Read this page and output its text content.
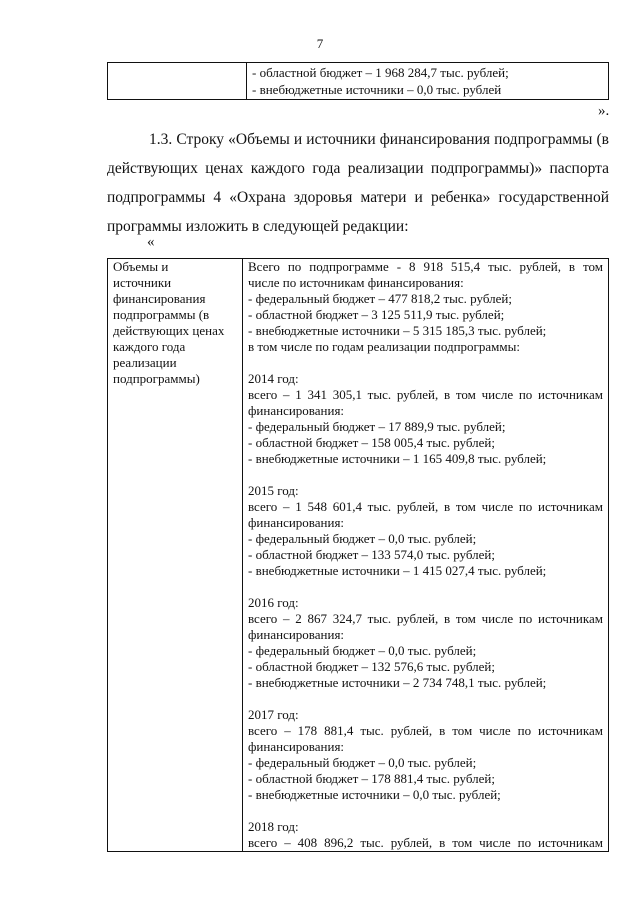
7

- областной бюджет – 1 968 284,7 тыс. рублей;
- внебюджетные источники – 0,0 тыс. рублей
».
1.3. Строку «Объемы и источники финансирования подпрограммы (в действующих ценах каждого года реализации подпрограммы)» паспорта подпрограммы 4 «Охрана здоровья матери и ребенка» государственной программы изложить в следующей редакции:
«
Объемы и
источники
финансирования
подпрограммы (в
действующих ценах
каждого года
реализации
подпрограммы)

Всего по подпрограмме - 8 918 515,4 тыс. рублей, в том
числе по источникам финансирования:
- федеральный бюджет – 477 818,2 тыс. рублей;
- областной бюджет – 3 125 511,9 тыс. рублей;
- внебюджетные источники – 5 315 185,3 тыс. рублей;
в том числе по годам реализации подпрограммы:
2014 год:
всего – 1 341 305,1 тыс. рублей, в том числе по источникам
финансирования:
- федеральный бюджет – 17 889,9 тыс. рублей;
- областной бюджет – 158 005,4 тыс. рублей;
- внебюджетные источники – 1 165 409,8 тыс. рублей;
2015 год:
всего – 1 548 601,4 тыс. рублей, в том числе по источникам
финансирования:
- федеральный бюджет – 0,0 тыс. рублей;
- областной бюджет – 133 574,0 тыс. рублей;
- внебюджетные источники – 1 415 027,4 тыс. рублей;
2016 год:
всего – 2 867 324,7 тыс. рублей, в том числе по источникам
финансирования:
- федеральный бюджет – 0,0 тыс. рублей;
- областной бюджет – 132 576,6 тыс. рублей;
- внебюджетные источники – 2 734 748,1 тыс. рублей;
2017 год:
всего – 178 881,4 тыс. рублей, в том числе по источникам
финансирования:
- федеральный бюджет – 0,0 тыс. рублей;
- областной бюджет – 178 881,4 тыс. рублей;
- внебюджетные источники – 0,0 тыс. рублей;
2018 год:
всего – 408 896,2 тыс. рублей, в том числе по источникам
